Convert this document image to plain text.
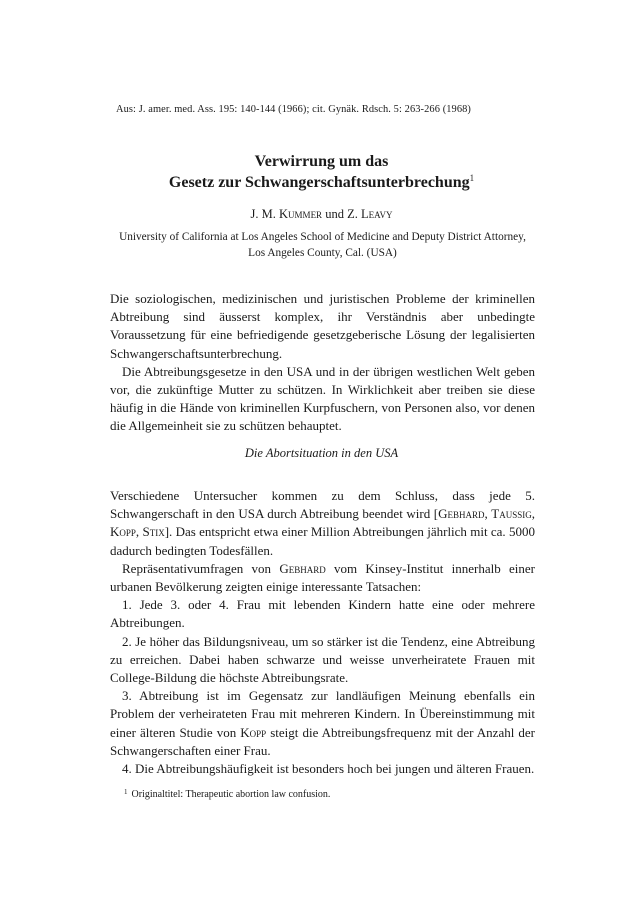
Aus: J. amer. med. Ass. 195: 140-144 (1966); cit. Gynäk. Rdsch. 5: 263-266 (1968)
Verwirrung um das
Gesetz zur Schwangerschaftsunterbrechung$^1$
J. M. Kummer und Z. Leavy
University of California at Los Angeles School of Medicine and Deputy District Attorney, Los Angeles County, Cal. (USA)

Die soziologischen, medizinischen und juristischen Probleme der kriminellen Abtreibung sind äusserst komplex, ihr Verständnis aber unbedingte Voraussetzung für eine befriedigende gesetzgeberische Lösung der legalisierten Schwangerschaftsunterbrechung.

Die Abtreibungsgesetze in den USA und in der übrigen westlichen Welt geben vor, die zukünftige Mutter zu schützen. In Wirklichkeit aber treiben sie diese häufig in die Hände von kriminellen Kurpfuschern, von Personen also, vor denen die Allgemeinheit sie zu schützen behauptet.

Die Abortsituation in den USA

Verschiedene Untersucher kommen zu dem Schluss, dass jede 5. Schwangerschaft in den USA durch Abtreibung beendet wird [Gebhard, Taussig, Kopp, Stix]. Das entspricht etwa einer Million Abtreibungen jährlich mit ca. 5000 dadurch bedingten Todesfällen.

Repräsentativumfragen von Gebhard vom Kinsey-Institut innerhalb einer urbanen Bevölkerung zeigten einige interessante Tatsachen:

1. Jede 3. oder 4. Frau mit lebenden Kindern hatte eine oder mehrere Abtreibungen.

2. Je höher das Bildungsniveau, um so stärker ist die Tendenz, eine Abtreibung zu erreichen. Dabei haben schwarze und weisse unverheiratete Frauen mit College-Bildung die höchste Abtreibungsrate.

3. Abtreibung ist im Gegensatz zur landläufigen Meinung ebenfalls ein Problem der verheirateten Frau mit mehreren Kindern. In Übereinstimmung mit einer älteren Studie von Kopp steigt die Abtreibungsfrequenz mit der Anzahl der Schwangerschaften einer Frau.

4. Die Abtreibungshäufigkeit ist besonders hoch bei jungen und älteren Frauen.

$^1$ Originaltitel: Therapeutic abortion law confusion.
